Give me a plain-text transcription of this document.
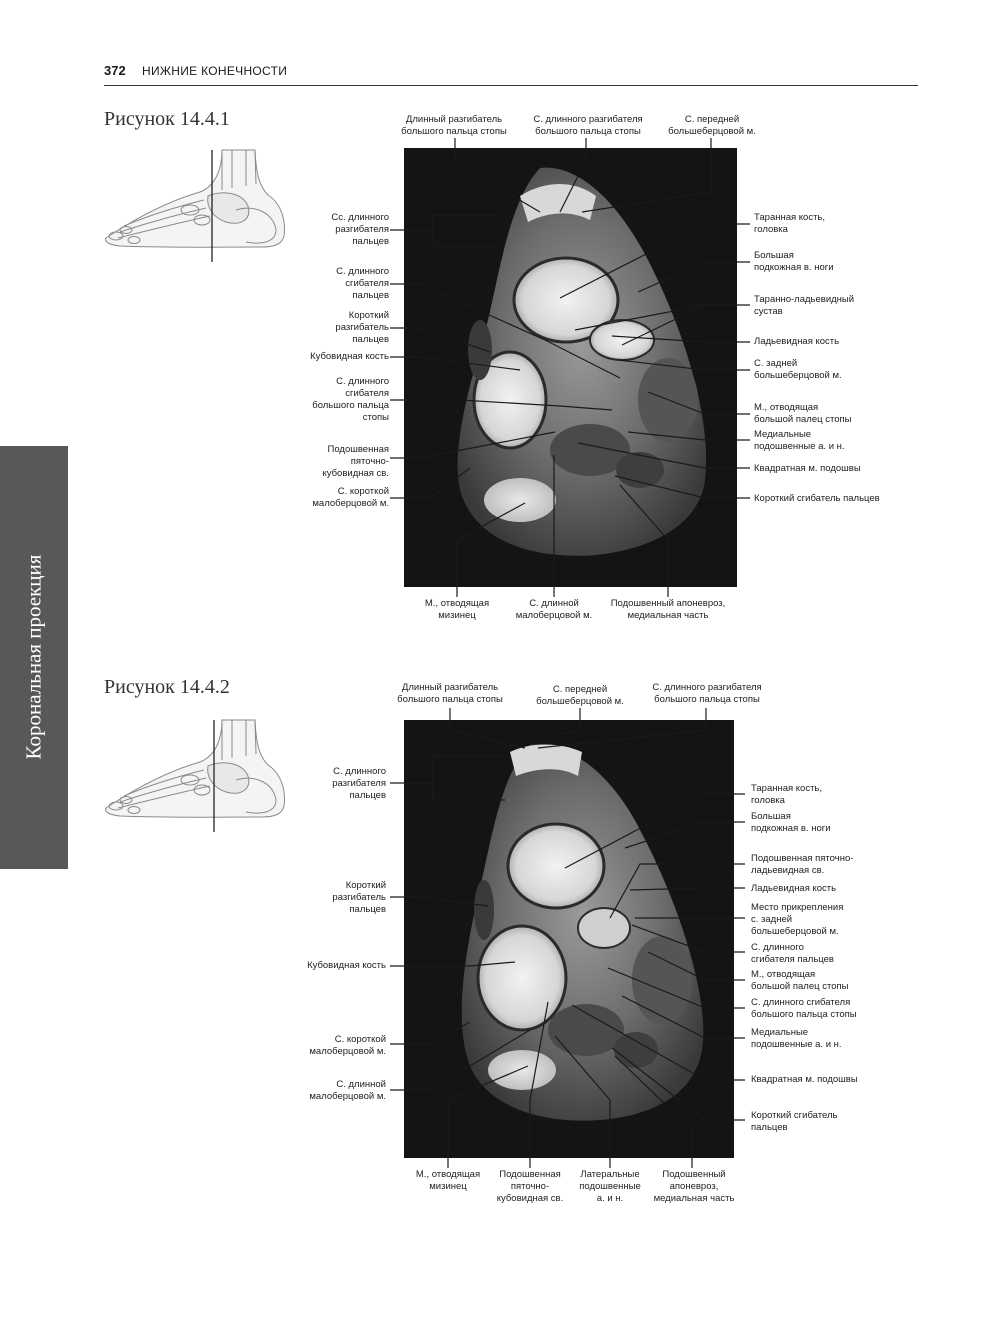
372 НИЖНИЕ КОНЕЧНОСТИ
Корональная проекция
Рисунок 14.4.1
Рисунок 14.4.2
Длинный разгибатель
большого пальца стопы
С. длинного разгибателя
большого пальца стопы
С. передней
большеберцовой м.
Сс. длинного
разгибателя
пальцев
С. длинного
сгибателя
пальцев
Короткий
разгибатель
пальцев
Кубовидная кость
С. длинного
сгибателя
большого пальца
стопы
Подошвенная
пяточно-
кубовидная св.
С. короткой
малоберцовой м.
Таранная кость,
головка
Большая
подкожная в. ноги
Таранно-ладьевидный
сустав
Ладьевидная кость
С. задней
большеберцовой м.
М., отводящая
большой палец стопы
Медиальные
подошвенные а. и н.
Квадратная м. подошвы
Короткий сгибатель пальцев
М., отводящая
мизинец
С. длинной
малоберцовой м.
Подошвенный апоневроз,
медиальная часть
Длинный разгибатель
большого пальца стопы
С. передней
большеберцовой м.
С. длинного разгибателя
большого пальца стопы
С. длинного
разгибателя
пальцев
Короткий
разгибатель
пальцев
Кубовидная кость
С. короткой
малоберцовой м.
С. длинной
малоберцовой м.
Таранная кость,
головка
Большая
подкожная в. ноги
Подошвенная пяточно-
ладьевидная св.
Ладьевидная кость
Место прикрепления
с. задней
большеберцовой м.
С. длинного
сгибателя пальцев
М., отводящая
большой палец стопы
С. длинного сгибателя
большого пальца стопы
Медиальные
подошвенные а. и н.
Квадратная м. подошвы
Короткий сгибатель
пальцев
М., отводящая
мизинец
Подошвенная
пяточно-
кубовидная св.
Латеральные
подошвенные
а. и н.
Подошвенный
апоневроз,
медиальная часть
